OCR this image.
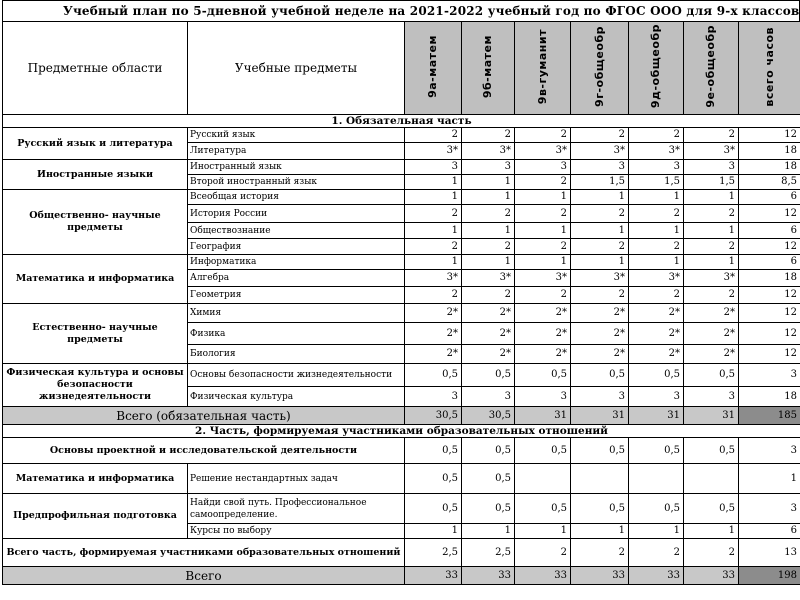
Учебный план по 5-дневной учебной неделе на 2021-2022 учебный год по ФГОС ООО для 9-х классов
Предметные области	Учебные предметы	9а-матем	9б-матем	9в-гуманит	9г-общеобр	9д-общеобр	9е-общеобр	всего часов
1. Обязательная часть								
Русский язык и литература	Русский язык	2	2	2	2	2	2	12
	Литература	3*	3*	3*	3*	3*	3*	18
Иностранные языки	Иностранный язык	3	3	3	3	3	3	18
	Второй иностранный язык	1	1	2	1,5	1,5	1,5	8,5
Общественно- научные предметы	Всеобщая история	1	1	1	1	1	1	6
	История России	2	2	2	2	2	2	12
	Обществознание	1	1	1	1	1	1	6
	География	2	2	2	2	2	2	12
Математика и информатика	Информатика	1	1	1	1	1	1	6
	Алгебра	3*	3*	3*	3*	3*	3*	18
	Геометрия	2	2	2	2	2	2	12
Естественно- научные предметы	Химия	2*	2*	2*	2*	2*	2*	12
	Физика	2*	2*	2*	2*	2*	2*	12
	Биология	2*	2*	2*	2*	2*	2*	12
Физическая культура и основы безопасности жизнедеятельности	Основы безопасности жизнедеятельности	0,5	0,5	0,5	0,5	0,5	0,5	3
	Физическая культура	3	3	3	3	3	3	18
Всего (обязательная часть)		30,5	30,5	31	31	31	31	185
2. Часть, формируемая участниками образовательных отношений								
Основы проектной и исследовательской деятельности		0,5	0,5	0,5	0,5	0,5	0,5	3
Математика и информатика	Решение нестандартных задач	0,5	0,5					1
Предпрофильная подготовка	Найди свой путь. Профессиональное самоопределение.	0,5	0,5	0,5	0,5	0,5	0,5	3
	Курсы по выбору	1	1	1	1	1	1	6
Всего часть, формируемая участниками образовательных отношений		2,5	2,5	2	2	2	2	13
Всего		33	33	33	33	33	33	198
